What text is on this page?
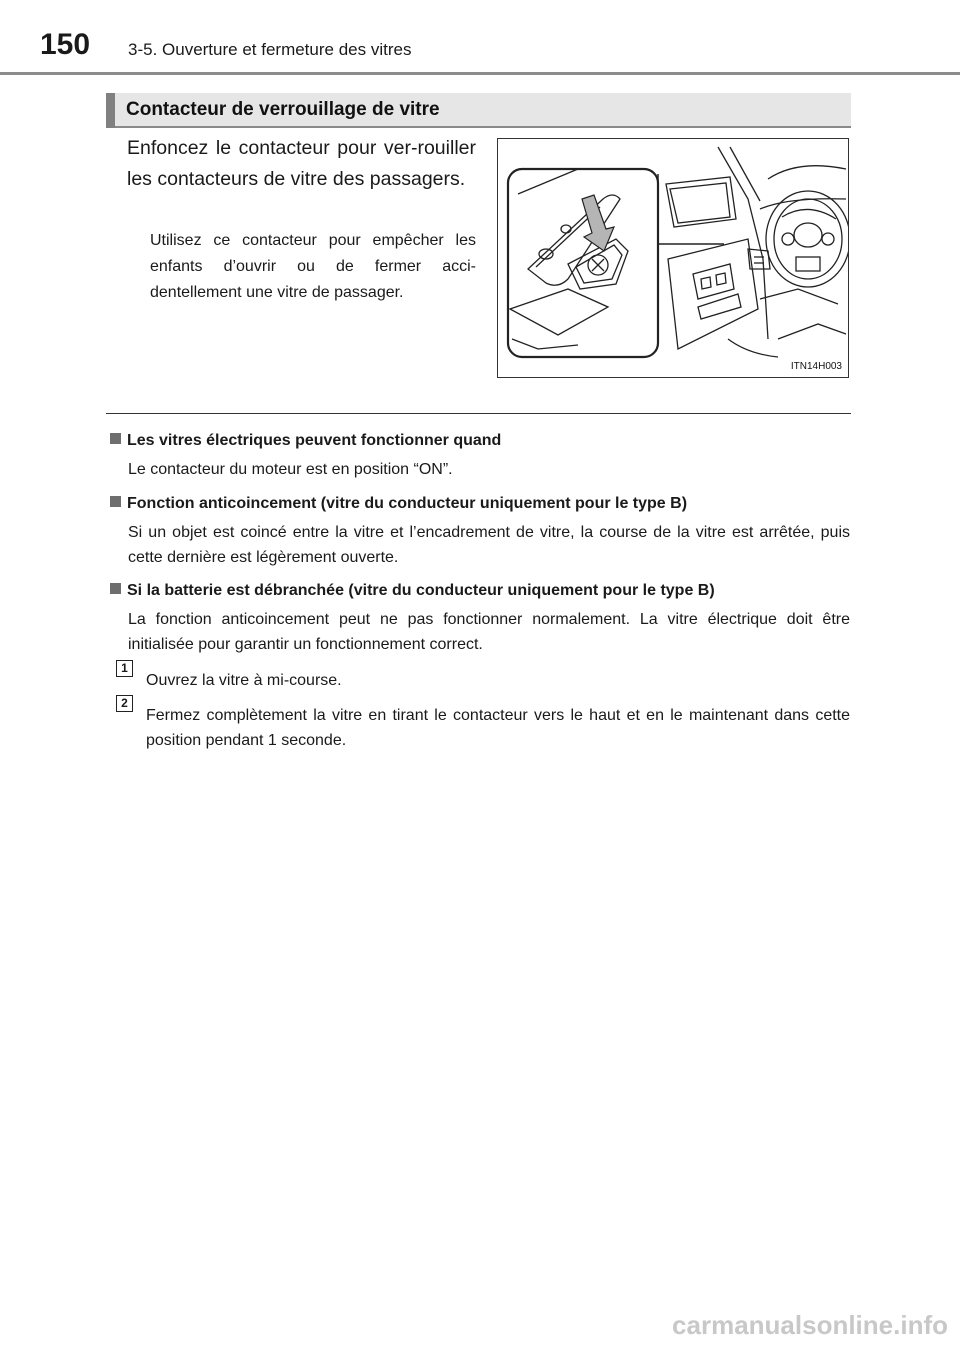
150 3-5. Ouverture et fermeture des vitres
Contacteur de verrouillage de vitre
Enfoncez le contacteur pour ver-rouiller les contacteurs de vitre des passagers.
Utilisez ce contacteur pour empêcher les enfants d’ouvrir ou de fermer acci-dentellement une vitre de passager.
ITN14H003
Les vitres électriques peuvent fonctionner quand
Le contacteur du moteur est en position “ON”.
Fonction anticoincement (vitre du conducteur uniquement pour le type B)
Si un objet est coincé entre la vitre et l’encadrement de vitre, la course de la vitre est arrêtée, puis cette dernière est légèrement ouverte.
Si la batterie est débranchée (vitre du conducteur uniquement pour le type B)
La fonction anticoincement peut ne pas fonctionner normalement. La vitre électrique doit être initialisée pour garantir un fonctionnement correct.
1
Ouvrez la vitre à mi-course.
2
Fermez complètement la vitre en tirant le contacteur vers le haut et en le maintenant dans cette position pendant 1 seconde.
carmanualsonline.info
